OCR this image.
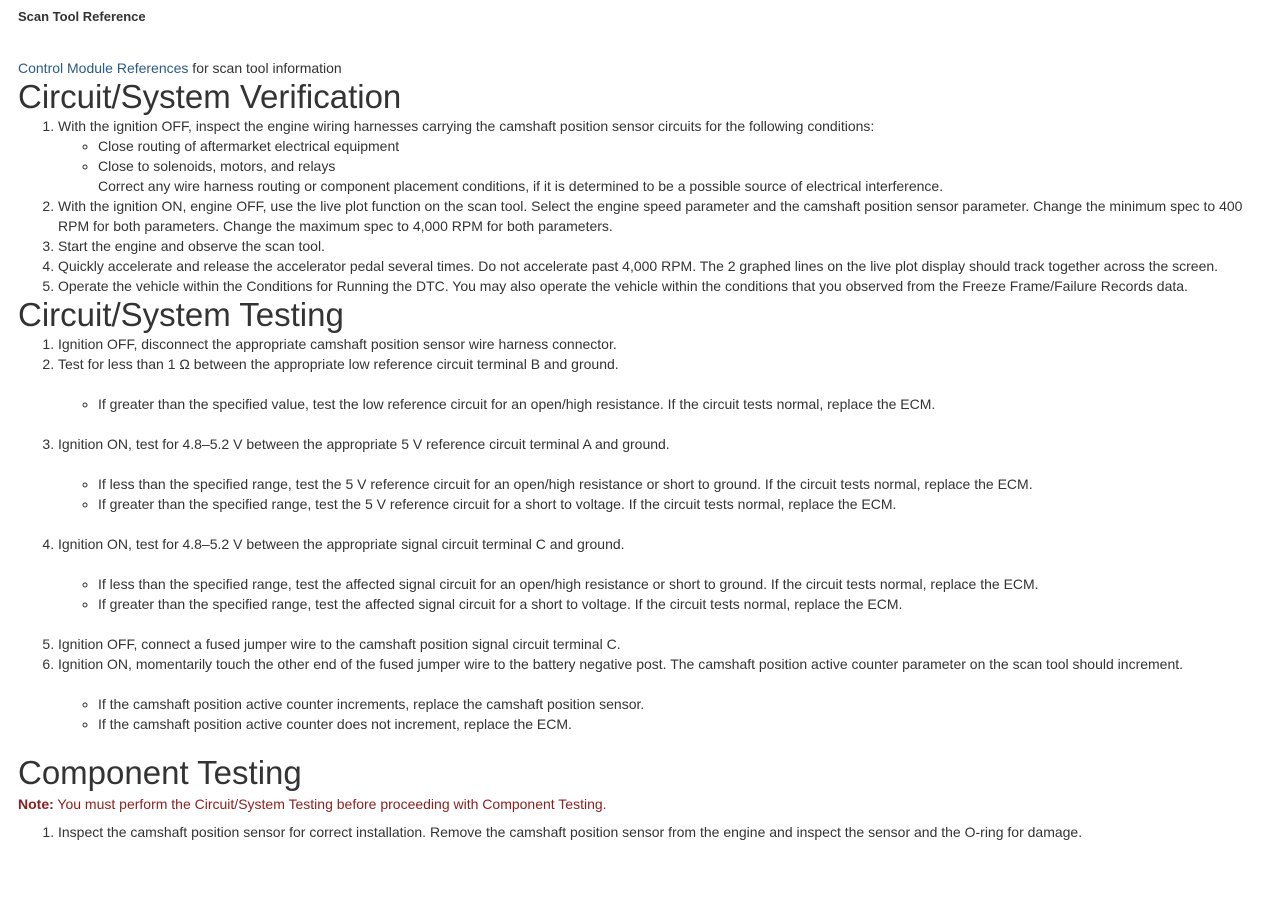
Scan Tool Reference
Control Module References for scan tool information
Circuit/System Verification
1. With the ignition OFF, inspect the engine wiring harnesses carrying the camshaft position sensor circuits for the following conditions:
◦ Close routing of aftermarket electrical equipment
◦ Close to solenoids, motors, and relays
Correct any wire harness routing or component placement conditions, if it is determined to be a possible source of electrical interference.
2. With the ignition ON, engine OFF, use the live plot function on the scan tool. Select the engine speed parameter and the camshaft position sensor parameter. Change the minimum spec to 400 RPM for both parameters. Change the maximum spec to 4,000 RPM for both parameters.
3. Start the engine and observe the scan tool.
4. Quickly accelerate and release the accelerator pedal several times. Do not accelerate past 4,000 RPM. The 2 graphed lines on the live plot display should track together across the screen.
5. Operate the vehicle within the Conditions for Running the DTC. You may also operate the vehicle within the conditions that you observed from the Freeze Frame/Failure Records data.
Circuit/System Testing
1. Ignition OFF, disconnect the appropriate camshaft position sensor wire harness connector.
2. Test for less than 1 Ω between the appropriate low reference circuit terminal B and ground.
◦ If greater than the specified value, test the low reference circuit for an open/high resistance. If the circuit tests normal, replace the ECM.
3. Ignition ON, test for 4.8–5.2 V between the appropriate 5 V reference circuit terminal A and ground.
◦ If less than the specified range, test the 5 V reference circuit for an open/high resistance or short to ground. If the circuit tests normal, replace the ECM.
◦ If greater than the specified range, test the 5 V reference circuit for a short to voltage. If the circuit tests normal, replace the ECM.
4. Ignition ON, test for 4.8–5.2 V between the appropriate signal circuit terminal C and ground.
◦ If less than the specified range, test the affected signal circuit for an open/high resistance or short to ground. If the circuit tests normal, replace the ECM.
◦ If greater than the specified range, test the affected signal circuit for a short to voltage. If the circuit tests normal, replace the ECM.
5. Ignition OFF, connect a fused jumper wire to the camshaft position signal circuit terminal C.
6. Ignition ON, momentarily touch the other end of the fused jumper wire to the battery negative post. The camshaft position active counter parameter on the scan tool should increment.
◦ If the camshaft position active counter increments, replace the camshaft position sensor.
◦ If the camshaft position active counter does not increment, replace the ECM.
Component Testing
Note: You must perform the Circuit/System Testing before proceeding with Component Testing.
1. Inspect the camshaft position sensor for correct installation. Remove the camshaft position sensor from the engine and inspect the sensor and the O-ring for damage.
